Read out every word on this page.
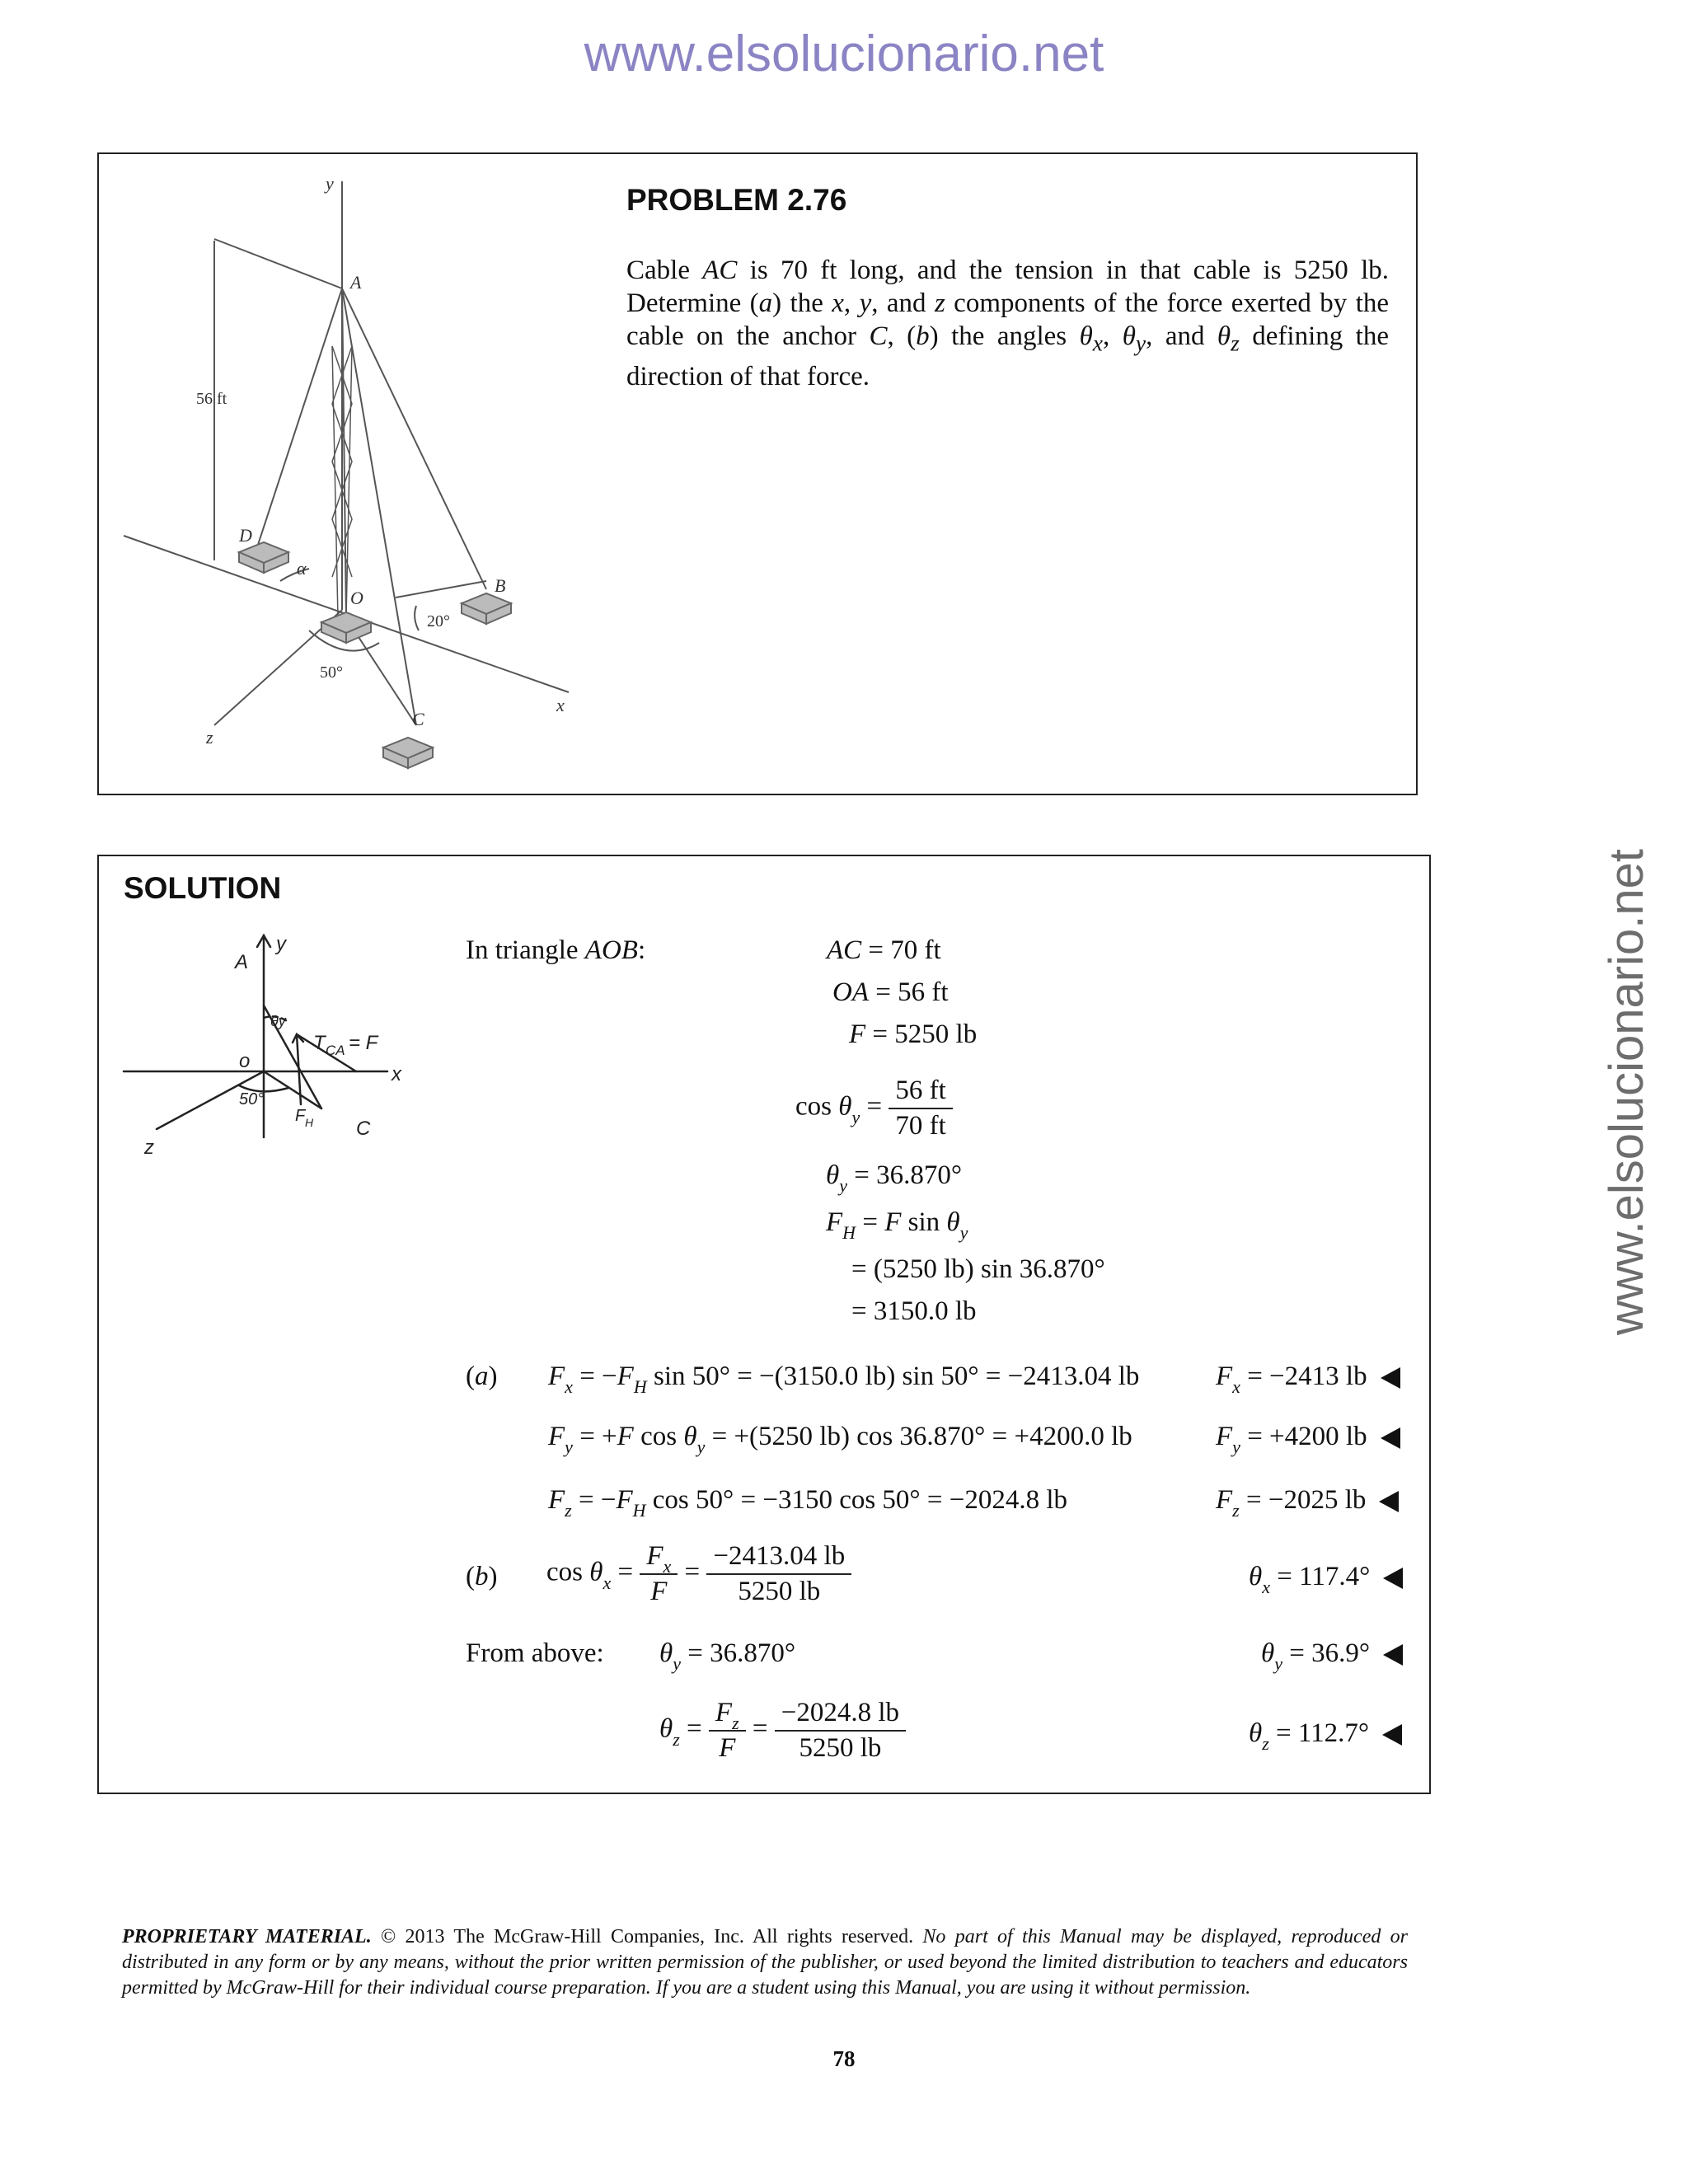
www.elsolucionario.net
www.elsolucionario.net
y
A
D
O
B
C
x
z
α
56 ft
20°
50°
PROBLEM 2.76
Cable AC is 70 ft long, and the tension in that cable is 5250 lb. Determine (a) the x, y, and z components of the force exerted by the cable on the anchor C, (b) the angles $\theta_x$, $\theta_y$, and $\theta_z$ defining the direction of that force.
SOLUTION
A
y
o
θy
T CA = F
x
50°
F H C
z
In triangle AOB:	AC = 70 ft
OA = 56 ft
F = 5250 lb
$\cos \theta_y = \frac{56 ft}{70 ft}$
$\theta_y = 36.870^\circ$
$F_H = F$ $\sin \theta_y$
= (5250 lb) sin 36.870°
= 3150.0 lb
(a) $F_x = -F_H$ sin 50° = −(3150.0 lb) sin 50° = −2413.04 lb	$F_x = -2413$ lb
$F_y = +F$ $\cos \theta_y = +(5250$ lb) cos 36.870° = +4200.0 lb	$F_y = +4200$ lb
$F_z = -F_H$ cos 50° = −3150 cos 50° = −2024.8 lb	$F_z = -2025$ lb
(b) $\cos \theta_x = \frac{F_x}{F} = \frac{-2413.04 lb}{5250 lb}$	$\theta_x = 117.4^\circ$
From above: $\theta_y = 36.870^\circ$	$\theta_y = 36.9^\circ$
$\theta_z = \frac{F_z}{F} = \frac{-2024.8 lb}{5250 lb}$	$\theta_z = 112.7^\circ$
PROPRIETARY MATERIAL. © 2013 The McGraw-Hill Companies, Inc. All rights reserved. No part of this Manual may be displayed, reproduced or distributed in any form or by any means, without the prior written permission of the publisher, or used beyond the limited distribution to teachers and educators permitted by McGraw-Hill for their individual course preparation. If you are a student using this Manual, you are using it without permission.
78
